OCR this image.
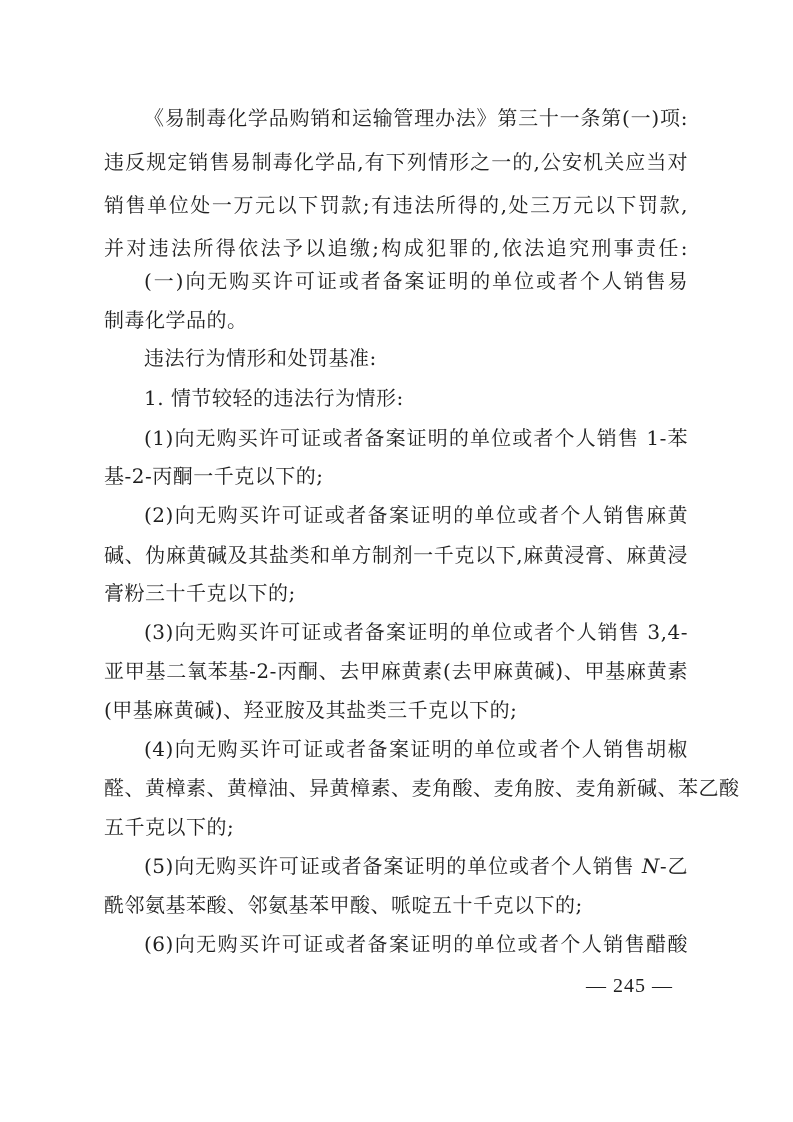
《易制毒化学品购销和运输管理办法》第三十一条第(一)项:
违反规定销售易制毒化学品,有下列情形之一的,公安机关应当对
销售单位处一万元以下罚款;有违法所得的,处三万元以下罚款,
并对违法所得依法予以追缴;构成犯罪的,依法追究刑事责任:
(一)向无购买许可证或者备案证明的单位或者个人销售易
制毒化学品的。
违法行为情形和处罚基准:
1. 情节较轻的违法行为情形:
(1)向无购买许可证或者备案证明的单位或者个人销售 1-苯
基-2-丙酮一千克以下的;
(2)向无购买许可证或者备案证明的单位或者个人销售麻黄
碱、伪麻黄碱及其盐类和单方制剂一千克以下,麻黄浸膏、麻黄浸
膏粉三十千克以下的;
(3)向无购买许可证或者备案证明的单位或者个人销售 3,4-
亚甲基二氧苯基-2-丙酮、去甲麻黄素(去甲麻黄碱)、甲基麻黄素
(甲基麻黄碱)、羟亚胺及其盐类三千克以下的;
(4)向无购买许可证或者备案证明的单位或者个人销售胡椒
醛、黄樟素、黄樟油、异黄樟素、麦角酸、麦角胺、麦角新碱、苯乙酸
五千克以下的;
(5)向无购买许可证或者备案证明的单位或者个人销售 N-乙
酰邻氨基苯酸、邻氨基苯甲酸、哌啶五十千克以下的;
(6)向无购买许可证或者备案证明的单位或者个人销售醋酸
— 245 —
